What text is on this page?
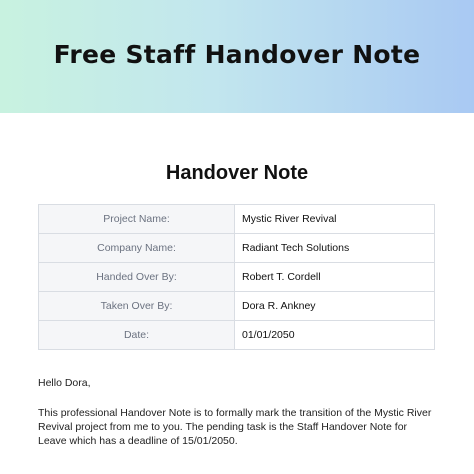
Free Staff Handover Note
Handover Note
Project Name:	Mystic River Revival
Company Name:	Radiant Tech Solutions
Handed Over By:	Robert T. Cordell
Taken Over By:	Dora R. Ankney
Date:	01/01/2050
Hello Dora,
This professional Handover Note is to formally mark the transition of the Mystic River Revival project from me to you. The pending task is the Staff Handover Note for Leave which has a deadline of 15/01/2050.
